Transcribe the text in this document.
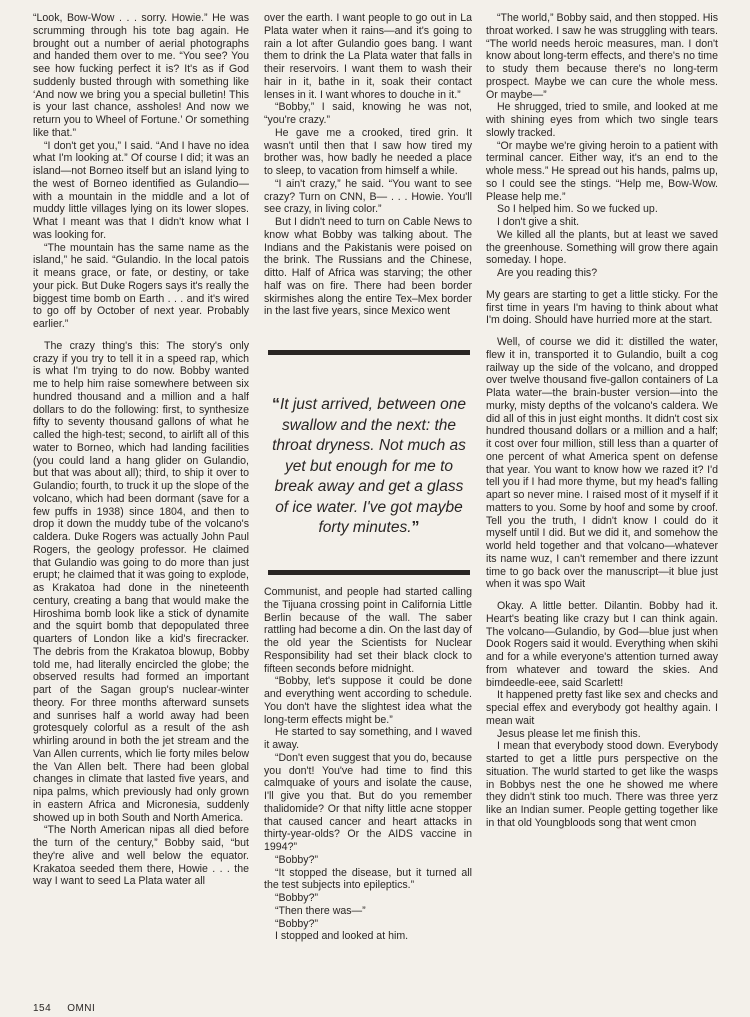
“Look, Bow-Wow . . . sorry. Howie.” He was scrumming through his tote bag again. He brought out a number of aerial photographs and handed them over to me. “You see? You see how fucking perfect it is? It's as if God suddenly busted through with something like ‘And now we bring you a special bulletin! This is your last chance, assholes! And now we return you to Wheel of Fortune.’ Or something like that.”

“I don't get you,” I said. “And I have no idea what I'm looking at.” Of course I did; it was an island—not Borneo itself but an island lying to the west of Borneo identified as Gulandio—with a mountain in the middle and a lot of muddy little villages lying on its lower slopes. What I meant was that I didn't know what I was looking for.

“The mountain has the same name as the island,” he said. “Gulandio. In the local patois it means grace, or fate, or destiny, or take your pick. But Duke Rogers says it's really the biggest time bomb on Earth . . . and it's wired to go off by October of next year. Probably earlier.”

The crazy thing's this: The story's only crazy if you try to tell it in a speed rap, which is what I'm trying to do now. Bobby wanted me to help him raise somewhere between six hundred thousand and a million and a half dollars to do the following: first, to synthesize fifty to seventy thousand gallons of what he called the high-test; second, to airlift all of this water to Borneo, which had landing facilities (you could land a hang glider on Gulandio, but that was about all); third, to ship it over to Gulandio; fourth, to truck it up the slope of the volcano, which had been dormant (save for a few puffs in 1938) since 1804, and then to drop it down the muddy tube of the volcano's caldera. Duke Rogers was actually John Paul Rogers, the geology professor. He claimed that Gulandio was going to do more than just erupt; he claimed that it was going to explode, as Krakatoa had done in the nineteenth century, creating a bang that would make the Hiroshima bomb look like a stick of dynamite and the squirt bomb that depopulated three quarters of London like a kid's firecracker. The debris from the Krakatoa blowup, Bobby told me, had literally encircled the globe; the observed results had formed an important part of the Sagan group's nuclear-winter theory. For three months afterward sunsets and sunrises half a world away had been grotesquely colorful as a result of the ash whirling around in both the jet stream and the Van Allen currents, which lie forty miles below the Van Allen belt. There had been global changes in climate that lasted five years, and nipa palms, which previously had only grown in eastern Africa and Micronesia, suddenly showed up in both South and North America.

“The North American nipas all died before the turn of the century,” Bobby said, “but they're alive and well below the equator. Krakatoa seeded them there, Howie . . . the way I want to seed La Plata water all

over the earth. I want people to go out in La Plata water when it rains—and it's going to rain a lot after Gulandio goes bang. I want them to drink the La Plata water that falls in their reservoirs. I want them to wash their hair in it, bathe in it, soak their contact lenses in it. I want whores to douche in it.”

“Bobby,” I said, knowing he was not, “you're crazy.”

He gave me a crooked, tired grin. It wasn't until then that I saw how tired my brother was, how badly he needed a place to sleep, to vacation from himself a while.

“I ain't crazy,” he said. “You want to see crazy? Turn on CNN, B— . . . Howie. You'll see crazy, in living color.”

But I didn't need to turn on Cable News to know what Bobby was talking about. The Indians and the Pakistanis were poised on the brink. The Russians and the Chinese, ditto. Half of Africa was starving; the other half was on fire. There had been border skirmishes along the entire Tex–Mex border in the last five years, since Mexico went

“It just arrived, between one swallow and the next: the throat dryness. Not much as yet but enough for me to break away and get a glass of ice water. I've got maybe forty minutes.”

Communist, and people had started calling the Tijuana crossing point in California Little Berlin because of the wall. The saber rattling had become a din. On the last day of the old year the Scientists for Nuclear Responsibility had set their black clock to fifteen seconds before midnight.

“Bobby, let's suppose it could be done and everything went according to schedule. You don't have the slightest idea what the long-term effects might be.”

He started to say something, and I waved it away.

“Don't even suggest that you do, because you don't! You've had time to find this calmquake of yours and isolate the cause, I'll give you that. But do you remember thalidomide? Or that nifty little acne stopper that caused cancer and heart attacks in thirty-year-olds? Or the AIDS vaccine in 1994?”

“Bobby?”

“It stopped the disease, but it turned all the test subjects into epileptics.”

“Bobby?”

“Then there was—”

“Bobby?”

I stopped and looked at him.

“The world,” Bobby said, and then stopped. His throat worked. I saw he was struggling with tears. “The world needs heroic measures, man. I don't know about long-term effects, and there's no time to study them because there's no long-term prospect. Maybe we can cure the whole mess. Or maybe—”

He shrugged, tried to smile, and looked at me with shining eyes from which two single tears slowly tracked.

“Or maybe we're giving heroin to a patient with terminal cancer. Either way, it's an end to the whole mess.” He spread out his hands, palms up, so I could see the stings. “Help me, Bow-Wow. Please help me.”

So I helped him. So we fucked up.

I don't give a shit.

We killed all the plants, but at least we saved the greenhouse. Something will grow there again someday. I hope.

Are you reading this?

My gears are starting to get a little sticky. For the first time in years I'm having to think about what I'm doing. Should have hurried more at the start.

Well, of course we did it: distilled the water, flew it in, transported it to Gulandio, built a cog railway up the side of the volcano, and dropped over twelve thousand five-gallon containers of La Plata water—the brain-buster version—into the murky, misty depths of the volcano's caldera. We did all of this in just eight months. It didn't cost six hundred thousand dollars or a million and a half; it cost over four million, still less than a quarter of one percent of what America spent on defense that year. You want to know how we razed it? I'd tell you if I had more thyme, but my head's falling apart so never mine. I raised most of it myself if it matters to you. Some by hoof and some by croof. Tell you the truth, I didn't know I could do it myself until I did. But we did it, and somehow the world held together and that volcano—whatever its name wuz, I can't remember and there izzunt time to go back over the manuscript—it blue just when it was spo Wait

Okay. A little better. Dilantin. Bobby had it. Heart's beating like crazy but I can think again. The volcano—Gulandio, by God—blue just when Dook Rogers said it would. Everything when skihi and for a while everyone's attention turned away from whatever and toward the skies. And bimdeedle-eee, said Scarlett!

It happened pretty fast like sex and checks and special effex and everybody got healthy again. I mean wait

Jesus please let me finish this.

I mean that everybody stood down. Everybody started to get a little purs perspective on the situation. The wurld started to get like the wasps in Bobbys nest the one he showed me where they didn't stink too much. There was three yerz like an Indian sumer. People getting together like in that old Youngbloods song that went cmon

154 OMNI
